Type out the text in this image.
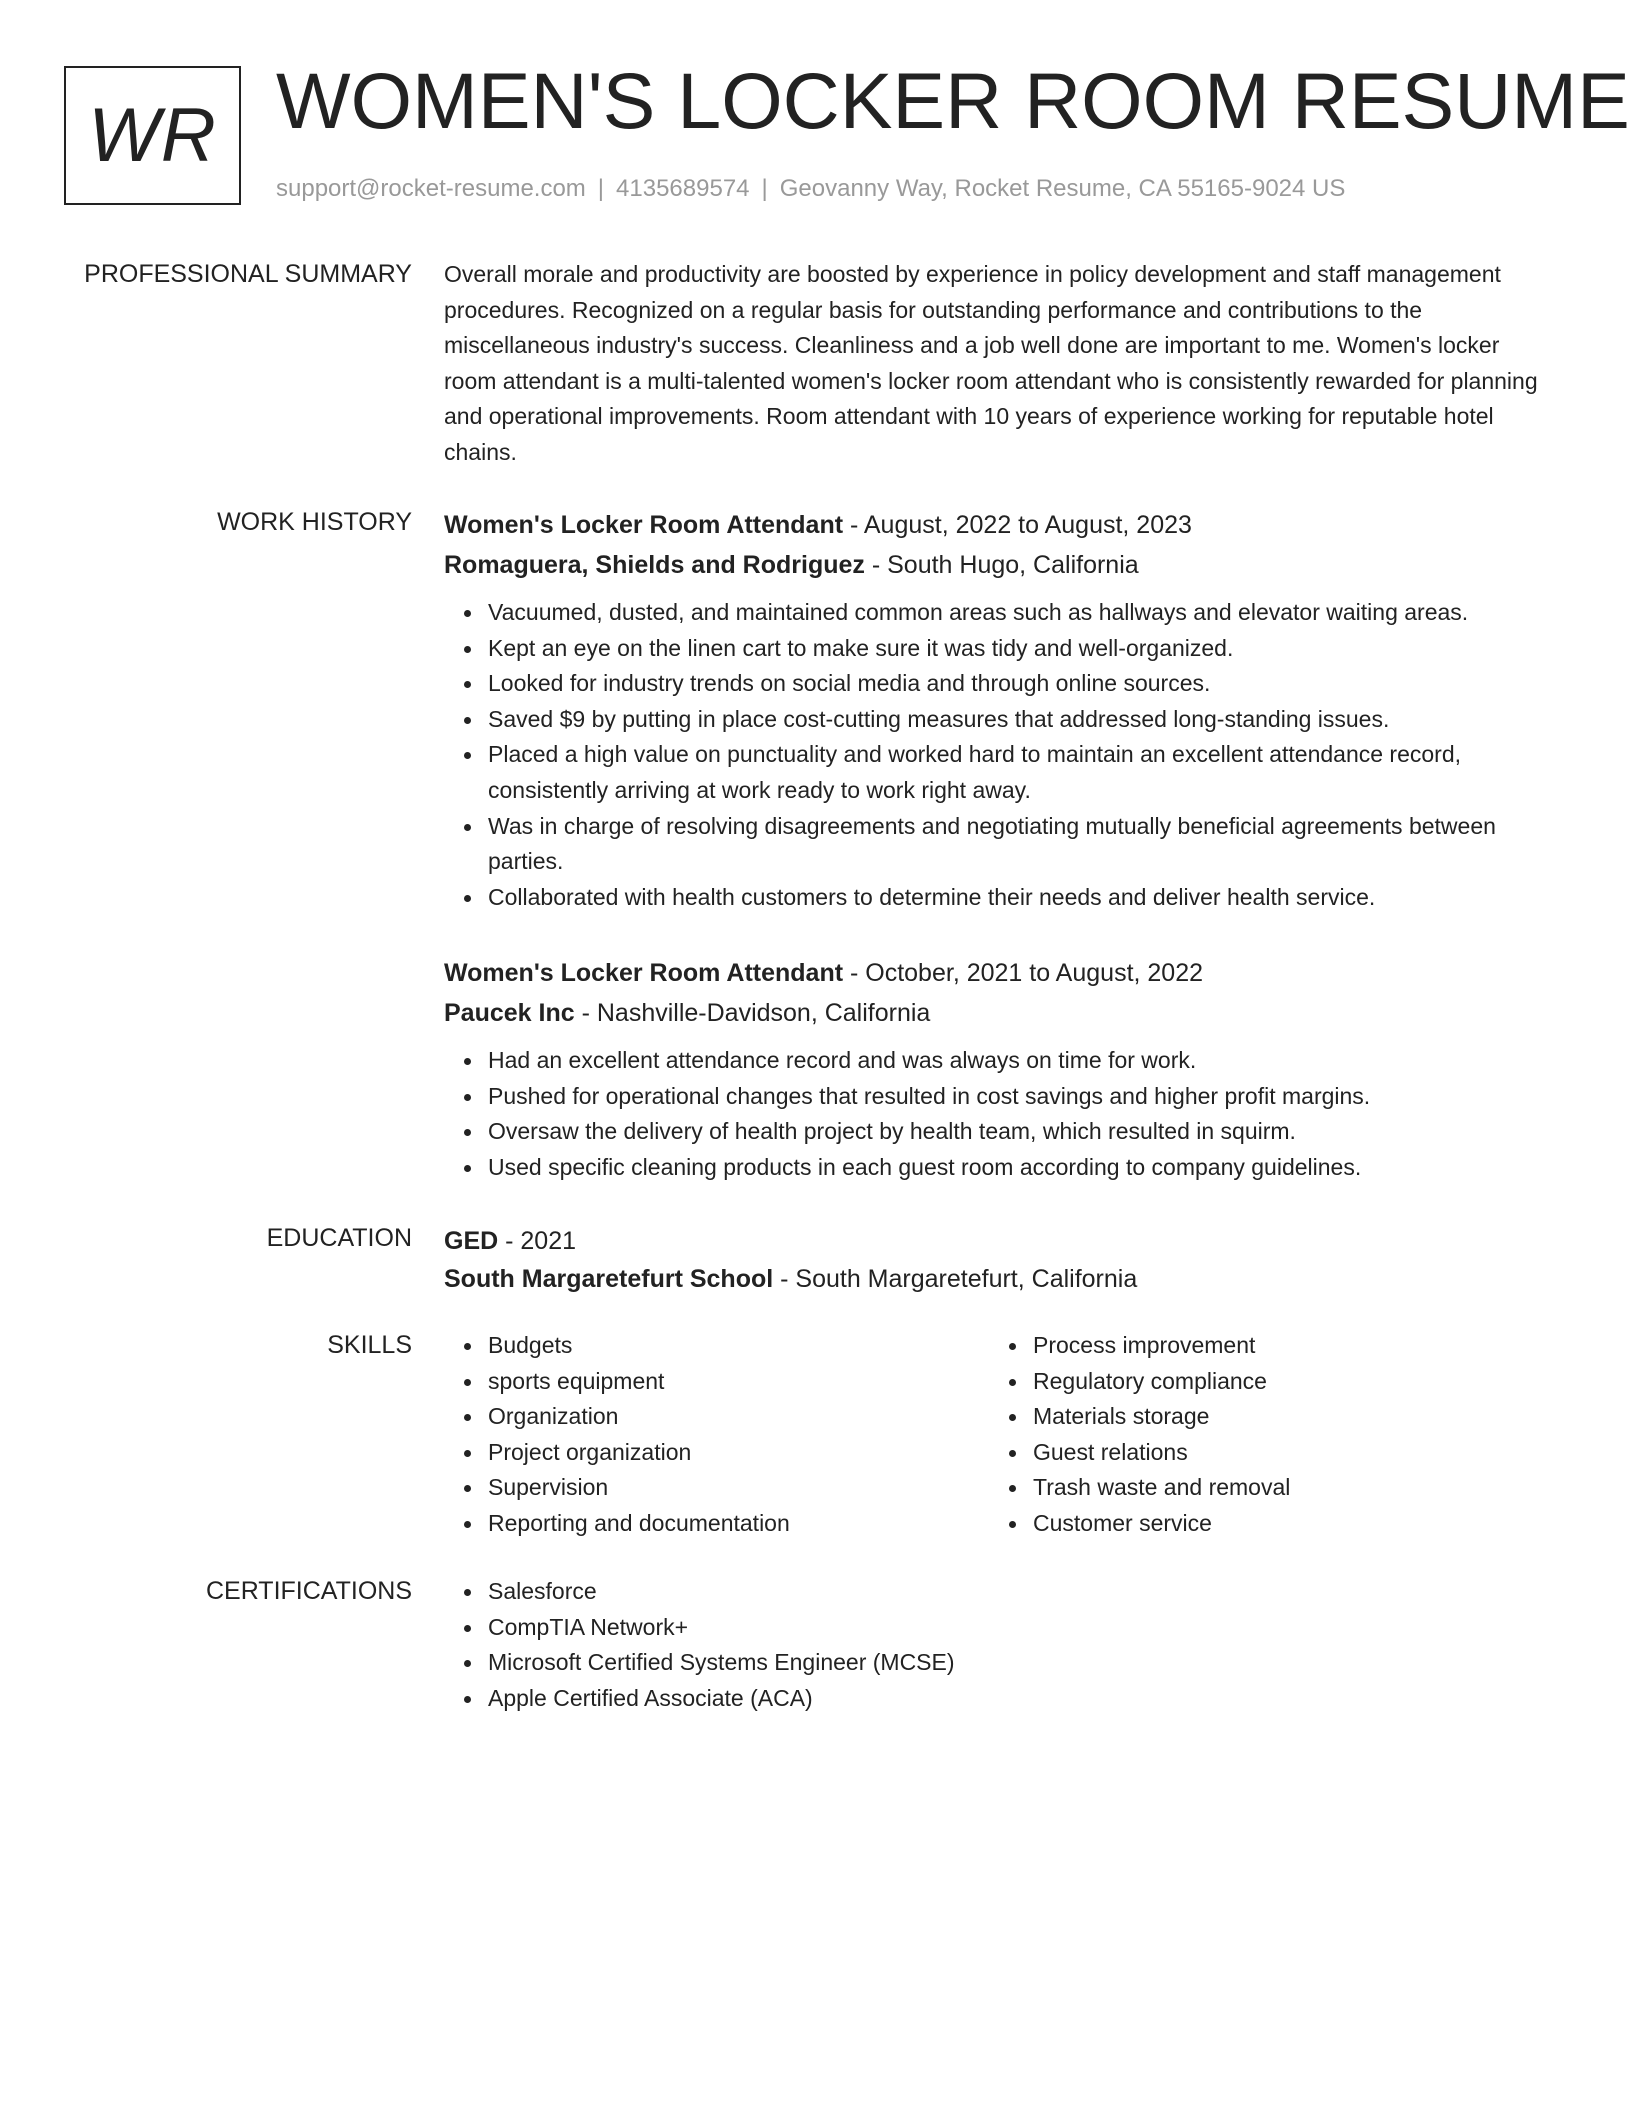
WR WOMEN'S LOCKER ROOM RESUME
support@rocket-resume.com | 4135689574 | Geovanny Way, Rocket Resume, CA 55165-9024 US
PROFESSIONAL SUMMARY Overall morale and productivity are boosted by experience in policy development and staff management procedures. Recognized on a regular basis for outstanding performance and contributions to the miscellaneous industry's success. Cleanliness and a job well done are important to me. Women's locker room attendant is a multi-talented women's locker room attendant who is consistently rewarded for planning and operational improvements. Room attendant with 10 years of experience working for reputable hotel chains.

WORK HISTORY Women's Locker Room Attendant - August, 2022 to August, 2023
Romaguera, Shields and Rodriguez - South Hugo, California
Vacuumed, dusted, and maintained common areas such as hallways and elevator waiting areas.
Kept an eye on the linen cart to make sure it was tidy and well-organized.
Looked for industry trends on social media and through online sources.
Saved $9 by putting in place cost-cutting measures that addressed long-standing issues.
Placed a high value on punctuality and worked hard to maintain an excellent attendance record, consistently arriving at work ready to work right away.
Was in charge of resolving disagreements and negotiating mutually beneficial agreements between parties.
Collaborated with health customers to determine their needs and deliver health service.
Women's Locker Room Attendant - October, 2021 to August, 2022
Paucek Inc - Nashville-Davidson, California
Had an excellent attendance record and was always on time for work.
Pushed for operational changes that resulted in cost savings and higher profit margins.
Oversaw the delivery of health project by health team, which resulted in squirm.
Used specific cleaning products in each guest room according to company guidelines.
EDUCATION GED - 2021
South Margaretefurt School - South Margaretefurt, California
SKILLS	Budgets
sports equipment
Organization
Project organization
Supervision
Reporting and documentation
Process improvement
Regulatory compliance
Materials storage
Guest relations
Trash waste and removal
Customer service
CERTIFICATIONS	Salesforce
CompTIA Network+
Microsoft Certified Systems Engineer (MCSE)
Apple Certified Associate (ACA)
